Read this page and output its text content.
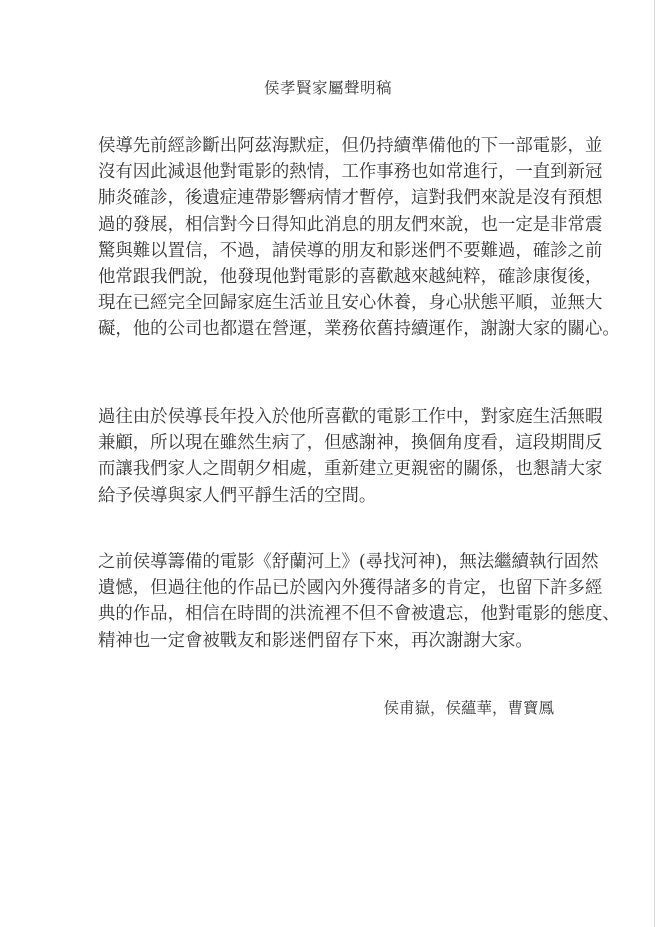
侯孝賢家屬聲明稿
侯導先前經診斷出阿茲海默症，但仍持續準備他的下一部電影，並
沒有因此減退他對電影的熱情，工作事務也如常進行，一直到新冠
肺炎確診，後遺症連帶影響病情才暫停，這對我們來說是沒有預想
過的發展，相信對今日得知此消息的朋友們來說，也一定是非常震
驚與難以置信，不過，請侯導的朋友和影迷們不要難過，確診之前
他常跟我們說，他發現他對電影的喜歡越來越純粹，確診康復後，
現在已經完全回歸家庭生活並且安心休養，身心狀態平順，並無大
礙，他的公司也都還在營運，業務依舊持續運作，謝謝大家的關心。
過往由於侯導長年投入於他所喜歡的電影工作中，對家庭生活無暇
兼顧，所以現在雖然生病了，但感謝神，換個角度看，這段期間反
而讓我們家人之間朝夕相處，重新建立更親密的關係，也懇請大家
給予侯導與家人們平靜生活的空間。
之前侯導籌備的電影《舒蘭河上》(尋找河神)，無法繼續執行固然
遺憾，但過往他的作品已於國內外獲得諸多的肯定，也留下許多經
典的作品，相信在時間的洪流裡不但不會被遺忘，他對電影的態度、
精神也一定會被戰友和影迷們留存下來，再次謝謝大家。
侯甫嶽，侯蘊華，曹寶鳳
